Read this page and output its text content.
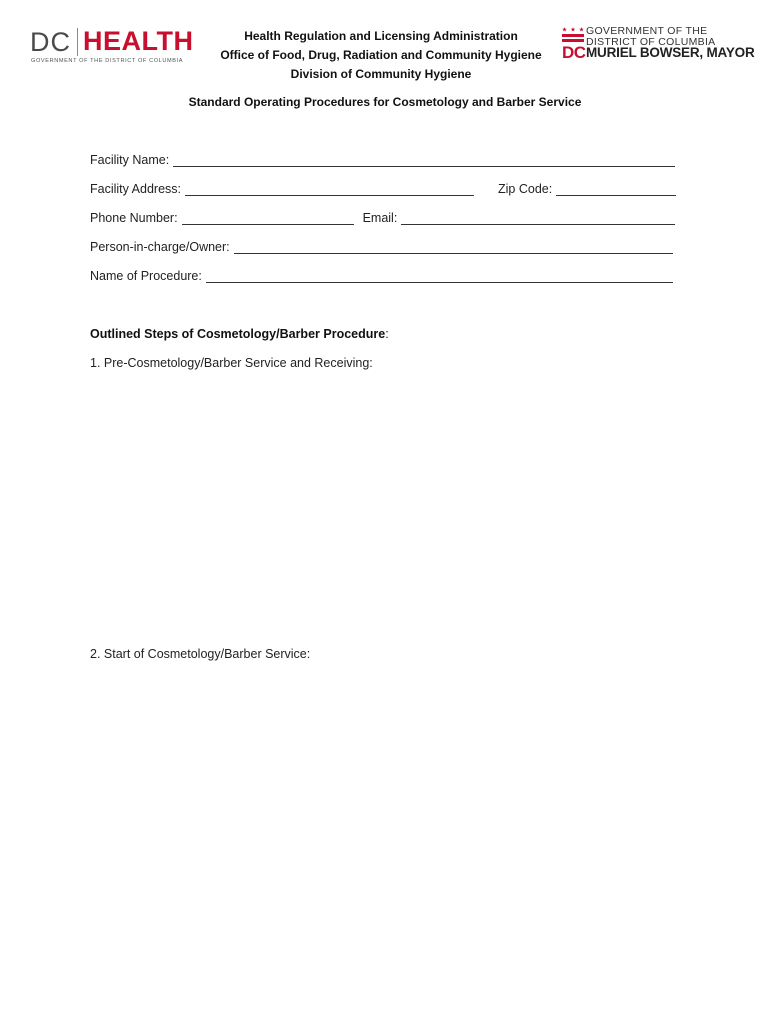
DC HEALTH
GOVERNMENT OF THE DISTRICT OF COLUMBIA
Health Regulation and Licensing Administration
Office of Food, Drug, Radiation and Community Hygiene
Division of Community Hygiene
GOVERNMENT OF THE
DISTRICT OF COLUMBIA
DC MURIEL BOWSER, MAYOR
Standard Operating Procedures for Cosmetology and Barber Service
Facility Name:
Facility Address:	Zip Code:
Phone Number:	Email:
Person-in-charge/Owner:
Name of Procedure:
Outlined Steps of Cosmetology/Barber Procedure:
1. Pre-Cosmetology/Barber Service and Receiving:
2. Start of Cosmetology/Barber Service:
